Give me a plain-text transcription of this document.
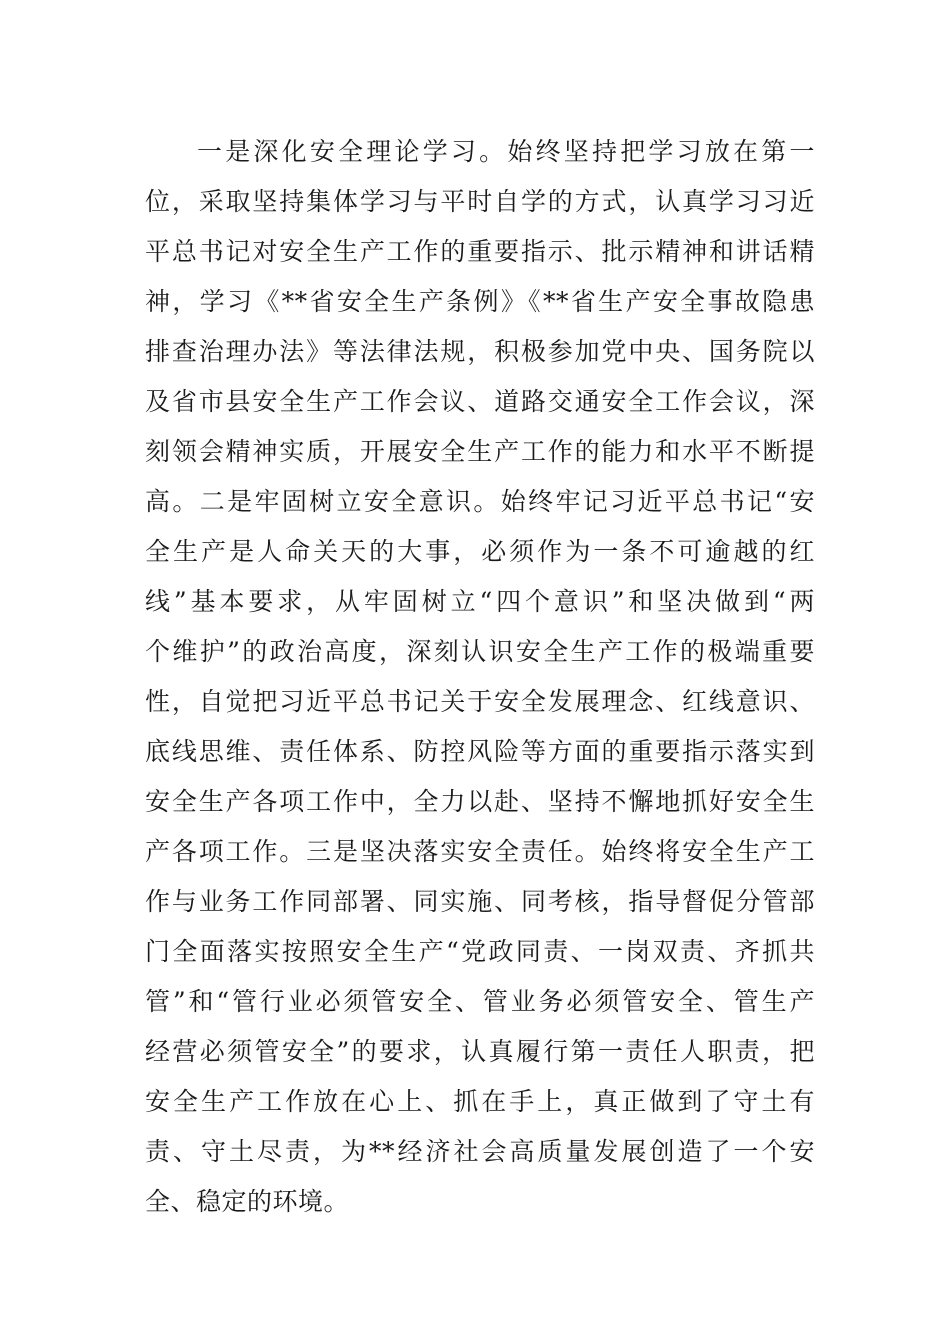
一是深化安全理论学习。始终坚持把学习放在第一
位，采取坚持集体学习与平时自学的方式，认真学习习近
平总书记对安全生产工作的重要指示、批示精神和讲话精
神，学习《**省安全生产条例》《**省生产安全事故隐患
排查治理办法》等法律法规，积极参加党中央、国务院以
及省市县安全生产工作会议、道路交通安全工作会议，深
刻领会精神实质，开展安全生产工作的能力和水平不断提
高。二是牢固树立安全意识。始终牢记习近平总书记“安
全生产是人命关天的大事，必须作为一条不可逾越的红
线”基本要求，从牢固树立“四个意识”和坚决做到“两
个维护”的政治高度，深刻认识安全生产工作的极端重要
性，自觉把习近平总书记关于安全发展理念、红线意识、
底线思维、责任体系、防控风险等方面的重要指示落实到
安全生产各项工作中，全力以赴、坚持不懈地抓好安全生
产各项工作。三是坚决落实安全责任。始终将安全生产工
作与业务工作同部署、同实施、同考核，指导督促分管部
门全面落实按照安全生产“党政同责、一岗双责、齐抓共
管”和“管行业必须管安全、管业务必须管安全、管生产
经营必须管安全”的要求，认真履行第一责任人职责，把
安全生产工作放在心上、抓在手上，真正做到了守土有
责、守土尽责，为**经济社会高质量发展创造了一个安
全、稳定的环境。
